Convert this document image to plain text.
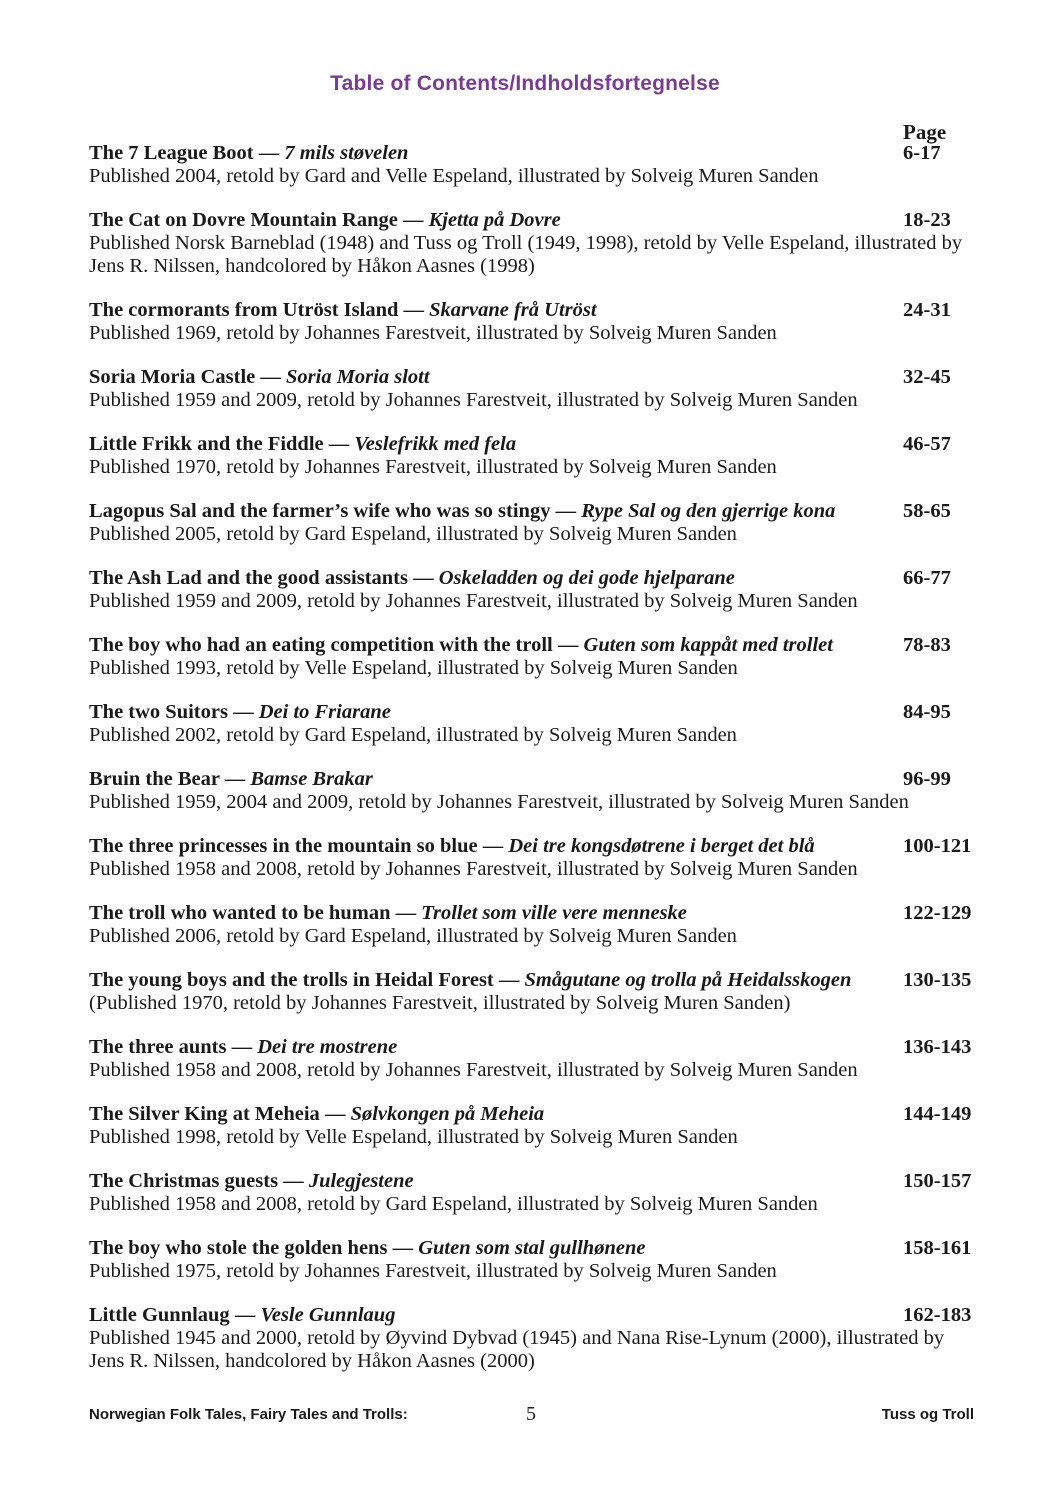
Table of Contents/Indholdsfortegnelse
Page
The 7 League Boot — 7 mils støvelen	6-17
Published 2004, retold by Gard and Velle Espeland, illustrated by Solveig Muren Sanden
The Cat on Dovre Mountain Range — Kjetta på Dovre	18-23
Published Norsk Barneblad (1948) and Tuss og Troll (1949, 1998), retold by Velle Espeland, illustrated by Jens R. Nilssen, handcolored by Håkon Aasnes (1998)
The cormorants from Utröst Island — Skarvane frå Utröst	24-31
Published 1969, retold by Johannes Farestveit, illustrated by Solveig Muren Sanden
Soria Moria Castle — Soria Moria slott	32-45
Published 1959 and 2009, retold by Johannes Farestveit, illustrated by Solveig Muren Sanden
Little Frikk and the Fiddle — Veslefrikk med fela	46-57
Published 1970, retold by Johannes Farestveit, illustrated by Solveig Muren Sanden
Lagopus Sal and the farmer’s wife who was so stingy — Rype Sal og den gjerrige kona	58-65
Published 2005, retold by Gard Espeland, illustrated by Solveig Muren Sanden
The Ash Lad and the good assistants — Oskeladden og dei gode hjelparane	66-77
Published 1959 and 2009, retold by Johannes Farestveit, illustrated by Solveig Muren Sanden
The boy who had an eating competition with the troll — Guten som kappåt med trollet	78-83
Published 1993, retold by Velle Espeland, illustrated by Solveig Muren Sanden
The two Suitors — Dei to Friarane	84-95
Published 2002, retold by Gard Espeland, illustrated by Solveig Muren Sanden
Bruin the Bear — Bamse Brakar	96-99
Published 1959, 2004 and 2009, retold by Johannes Farestveit, illustrated by Solveig Muren Sanden
The three princesses in the mountain so blue — Dei tre kongsdøtrene i berget det blå	100-121
Published 1958 and 2008, retold by Johannes Farestveit, illustrated by Solveig Muren Sanden
The troll who wanted to be human — Trollet som ville vere menneske	122-129
Published 2006, retold by Gard Espeland, illustrated by Solveig Muren Sanden
The young boys and the trolls in Heidal Forest — Smågutane og trolla på Heidalsskogen	130-135
(Published 1970, retold by Johannes Farestveit, illustrated by Solveig Muren Sanden)
The three aunts — Dei tre mostrene	136-143
Published 1958 and 2008, retold by Johannes Farestveit, illustrated by Solveig Muren Sanden
The Silver King at Meheia — Sølvkongen på Meheia	144-149
Published 1998, retold by Velle Espeland, illustrated by Solveig Muren Sanden
The Christmas guests — Julegjestene	150-157
Published 1958 and 2008, retold by Gard Espeland, illustrated by Solveig Muren Sanden
The boy who stole the golden hens — Guten som stal gullhønene	158-161
Published 1975, retold by Johannes Farestveit, illustrated by Solveig Muren Sanden
Little Gunnlaug — Vesle Gunnlaug	162-183
Published 1945 and 2000, retold by Øyvind Dybvad (1945) and Nana Rise-Lynum (2000), illustrated by Jens R. Nilssen, handcolored by Håkon Aasnes (2000)
Norwegian Folk Tales, Fairy Tales and Trolls:	5	Tuss og Troll
